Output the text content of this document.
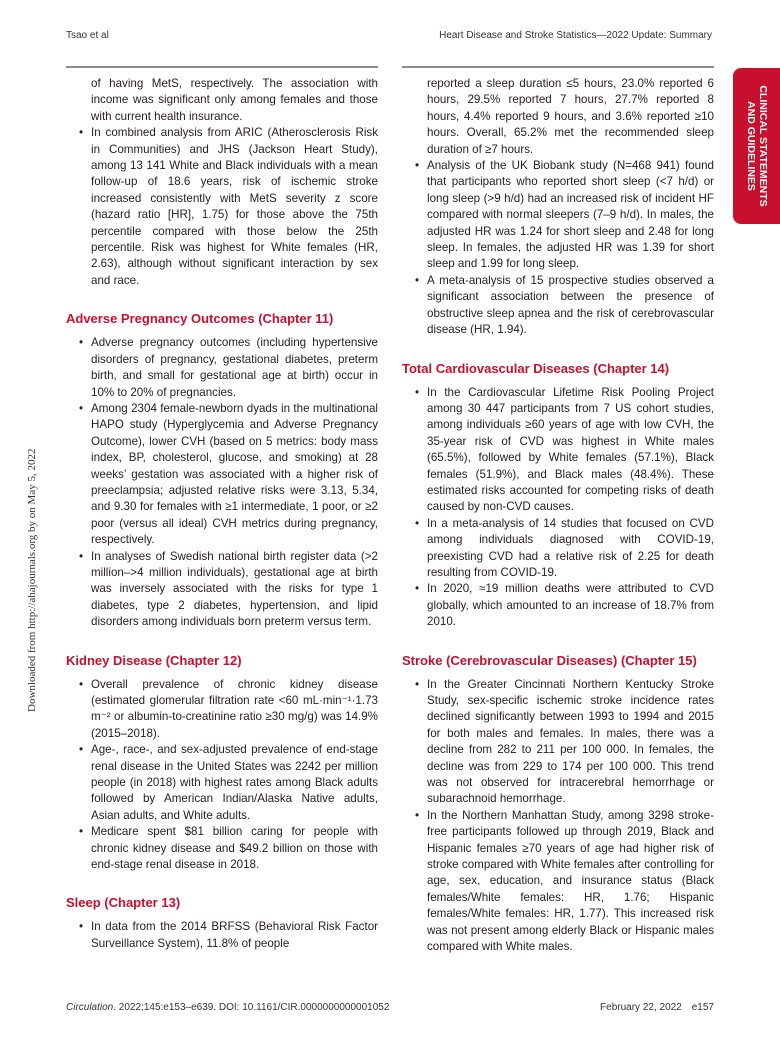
Tsao et al	Heart Disease and Stroke Statistics—2022 Update: Summary
CLINICAL STATEMENTS
AND GUIDELINES
Downloaded from http://ahajournals.org by on May 5, 2022
of having MetS, respectively. The association with income was significant only among females and those with current health insurance.
• In combined analysis from ARIC (Atherosclerosis Risk in Communities) and JHS (Jackson Heart Study), among 13 141 White and Black individuals with a mean follow-up of 18.6 years, risk of ischemic stroke increased consistently with MetS severity z score (hazard ratio [HR], 1.75) for those above the 75th percentile compared with those below the 25th percentile. Risk was highest for White females (HR, 2.63), although without significant interaction by sex and race.
Adverse Pregnancy Outcomes (Chapter 11)
• Adverse pregnancy outcomes (including hypertensive disorders of pregnancy, gestational diabetes, preterm birth, and small for gestational age at birth) occur in 10% to 20% of pregnancies.
• Among 2304 female-newborn dyads in the multinational HAPO study (Hyperglycemia and Adverse Pregnancy Outcome), lower CVH (based on 5 metrics: body mass index, BP, cholesterol, glucose, and smoking) at 28 weeks’ gestation was associated with a higher risk of preeclampsia; adjusted relative risks were 3.13, 5.34, and 9.30 for females with ≥1 intermediate, 1 poor, or ≥2 poor (versus all ideal) CVH metrics during pregnancy, respectively.
• In analyses of Swedish national birth register data (>2 million–>4 million individuals), gestational age at birth was inversely associated with the risks for type 1 diabetes, type 2 diabetes, hypertension, and lipid disorders among individuals born preterm versus term.
Kidney Disease (Chapter 12)
• Overall prevalence of chronic kidney disease (estimated glomerular filtration rate <60 mL·min⁻¹·1.73 m⁻² or albumin-to-creatinine ratio ≥30 mg/g) was 14.9% (2015–2018).
• Age-, race-, and sex-adjusted prevalence of end-stage renal disease in the United States was 2242 per million people (in 2018) with highest rates among Black adults followed by American Indian/Alaska Native adults, Asian adults, and White adults.
• Medicare spent $81 billion caring for people with chronic kidney disease and $49.2 billion on those with end-stage renal disease in 2018.
Sleep (Chapter 13)
• In data from the 2014 BRFSS (Behavioral Risk Factor Surveillance System), 11.8% of people
reported a sleep duration ≤5 hours, 23.0% reported 6 hours, 29.5% reported 7 hours, 27.7% reported 8 hours, 4.4% reported 9 hours, and 3.6% reported ≥10 hours. Overall, 65.2% met the recommended sleep duration of ≥7 hours.
• Analysis of the UK Biobank study (N=468 941) found that participants who reported short sleep (<7 h/d) or long sleep (>9 h/d) had an increased risk of incident HF compared with normal sleepers (7–9 h/d). In males, the adjusted HR was 1.24 for short sleep and 2.48 for long sleep. In females, the adjusted HR was 1.39 for short sleep and 1.99 for long sleep.
• A meta-analysis of 15 prospective studies observed a significant association between the presence of obstructive sleep apnea and the risk of cerebrovascular disease (HR, 1.94).
Total Cardiovascular Diseases (Chapter 14)
• In the Cardiovascular Lifetime Risk Pooling Project among 30 447 participants from 7 US cohort studies, among individuals ≥60 years of age with low CVH, the 35-year risk of CVD was highest in White males (65.5%), followed by White females (57.1%), Black females (51.9%), and Black males (48.4%). These estimated risks accounted for competing risks of death caused by non-CVD causes.
• In a meta-analysis of 14 studies that focused on CVD among individuals diagnosed with COVID-19, preexisting CVD had a relative risk of 2.25 for death resulting from COVID-19.
• In 2020, ≈19 million deaths were attributed to CVD globally, which amounted to an increase of 18.7% from 2010.
Stroke (Cerebrovascular Diseases) (Chapter 15)
• In the Greater Cincinnati Northern Kentucky Stroke Study, sex-specific ischemic stroke incidence rates declined significantly between 1993 to 1994 and 2015 for both males and females. In males, there was a decline from 282 to 211 per 100 000. In females, the decline was from 229 to 174 per 100 000. This trend was not observed for intracerebral hemorrhage or subarachnoid hemorrhage.
• In the Northern Manhattan Study, among 3298 stroke-free participants followed up through 2019, Black and Hispanic females ≥70 years of age had higher risk of stroke compared with White females after controlling for age, sex, education, and insurance status (Black females/White females: HR, 1.76; Hispanic females/White females: HR, 1.77). This increased risk was not present among elderly Black or Hispanic males compared with White males.
Circulation. 2022;145:e153–e639. DOI: 10.1161/CIR.0000000000001052	February 22, 2022 e157
